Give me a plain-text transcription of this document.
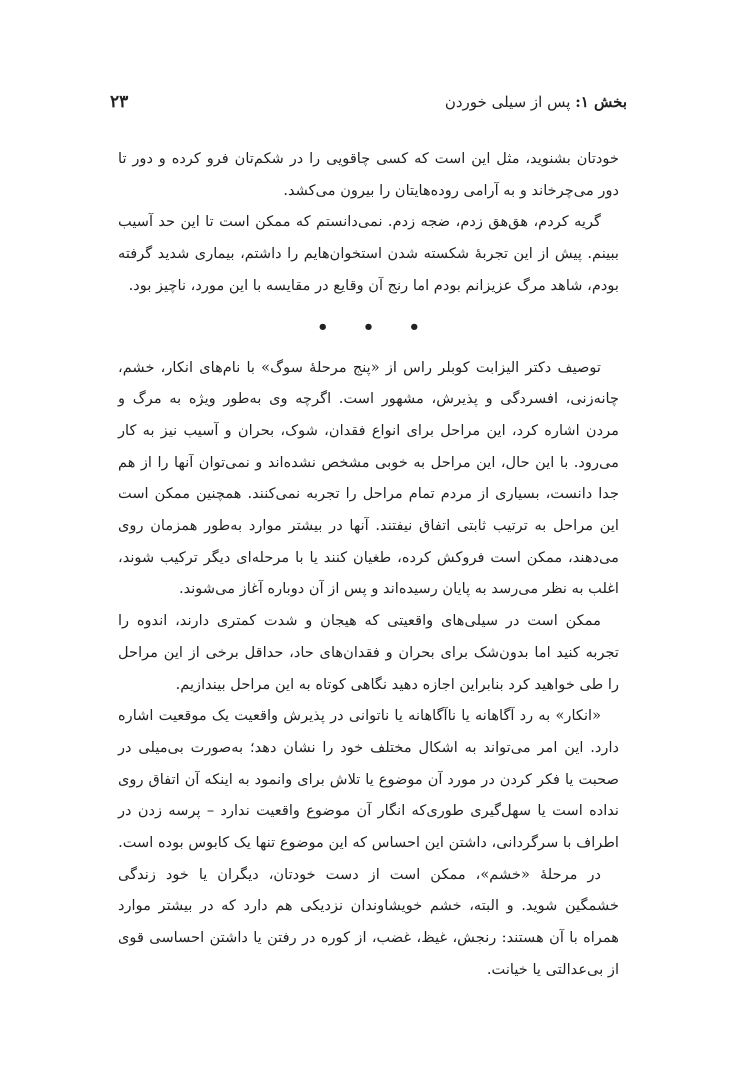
بخش ۱: پس از سیلی خوردن
۲۳

خودتان بشنوید، مثل این است که کسی چاقویی را در شکم‌تان فرو کرده و دور تا دور می‌چرخاند و به آرامی روده‌هایتان را بیرون می‌کشد.

گریه کردم، هق‌هق زدم، ضجه زدم. نمی‌دانستم که ممکن است تا این حد آسیب ببینم. پیش از این تجربهٔ شکسته شدن استخوان‌هایم را داشتم، بیماری شدید گرفته بودم، شاهد مرگ عزیزانم بودم اما رنج آن وقایع در مقایسه با این مورد، ناچیز بود.

• • •

توصیف دکتر الیزابت کوبلر راس از «پنج مرحلهٔ سوگ» با نام‌های انکار، خشم، چانه‌زنی، افسردگی و پذیرش، مشهور است. اگرچه وی به‌طور ویژه به مرگ و مردن اشاره کرد، این مراحل برای انواع فقدان، شوک، بحران و آسیب نیز به کار می‌رود. با این حال، این مراحل به خوبی مشخص نشده‌اند و نمی‌توان آنها را از هم جدا دانست، بسیاری از مردم تمام مراحل را تجربه نمی‌کنند. همچنین ممکن است این مراحل به ترتیب ثابتی اتفاق نیفتند. آنها در بیشتر موارد به‌طور همزمان روی می‌دهند، ممکن است فروکش کرده، طغیان کنند یا با مرحله‌ای دیگر ترکیب شوند، اغلب به نظر می‌رسد به پایان رسیده‌اند و پس از آن دوباره آغاز می‌شوند.

ممکن است در سیلی‌های واقعیتی که هیجان و شدت کمتری دارند، اندوه را تجربه کنید اما بدون‌شک برای بحران و فقدان‌های حاد، حداقل برخی از این مراحل را طی خواهید کرد بنابراین اجازه دهید نگاهی کوتاه به این مراحل بیندازیم.

«انکار» به رد آگاهانه یا ناآگاهانه یا ناتوانی در پذیرش واقعیت یک موقعیت اشاره دارد. این امر می‌تواند به اشکال مختلف خود را نشان دهد؛ به‌صورت بی‌میلی در صحبت یا فکر کردن در مورد آن موضوع یا تلاش برای وانمود به اینکه آن اتفاق روی نداده است یا سهل‌گیری طوری‌که انگار آن موضوع واقعیت ندارد – پرسه زدن در اطراف با سرگردانی، داشتن این احساس که این موضوع تنها یک کابوس بوده است.

در مرحلهٔ «خشم»، ممکن است از دست خودتان، دیگران یا خود زندگی خشمگین شوید. و البته، خشم خویشاوندان نزدیکی هم دارد که در بیشتر موارد همراه با آن هستند: رنجش، غیظ، غضب، از کوره در رفتن یا داشتن احساسی قوی از بی‌عدالتی یا خیانت.
